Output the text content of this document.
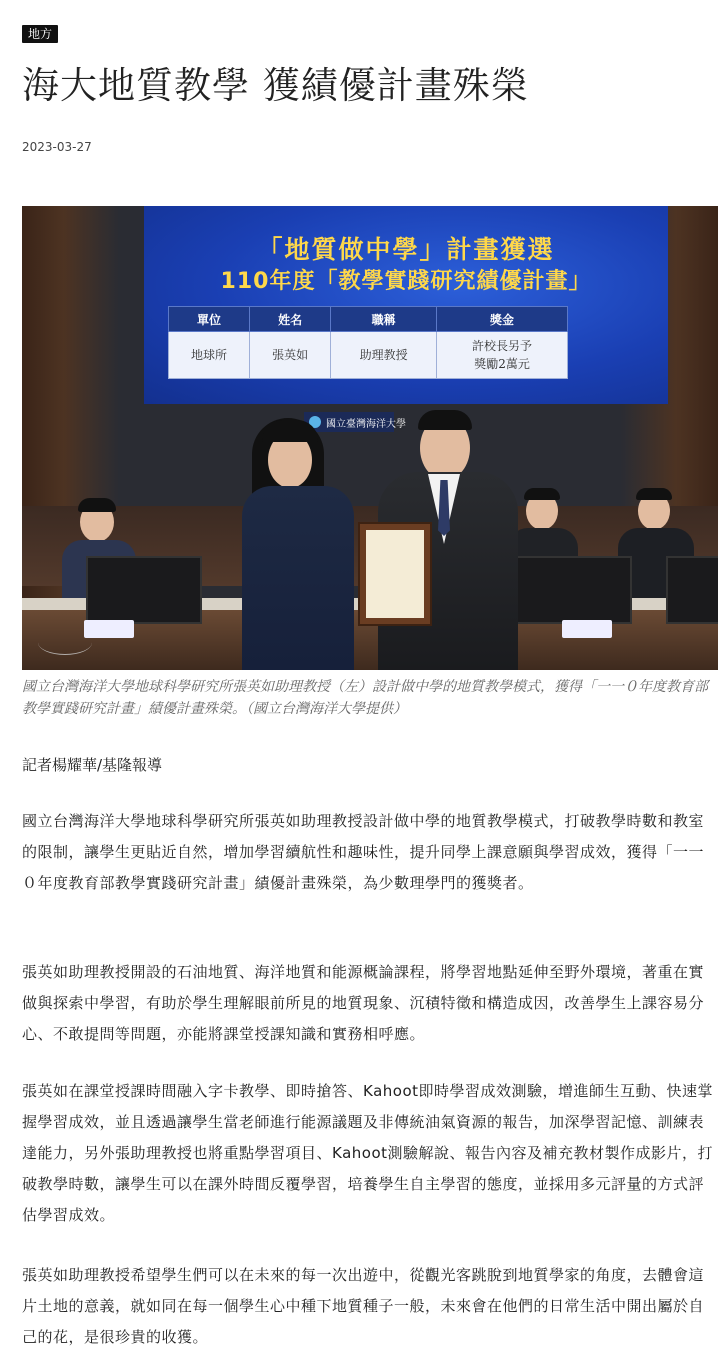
地方
海大地質教學 獲績優計畫殊榮
2023-03-27
「地質做中學」計畫獲選
110年度「教學實踐研究績優計畫」
單位	姓名	職稱	獎金
地球所	張英如	助理教授	許校長另予
獎勵2萬元
國立臺灣海洋大學

國立台灣海洋大學地球科學研究所張英如助理教授（左）設計做中學的地質教學模式，獲得「一一０年度教育部教學實踐研究計畫」績優計畫殊榮。（國立台灣海洋大學提供）

記者楊耀華/基隆報導

國立台灣海洋大學地球科學研究所張英如助理教授設計做中學的地質教學模式，打破教學時數和教室的限制，讓學生更貼近自然，增加學習續航性和趣味性，提升同學上課意願與學習成效，獲得「一一０年度教育部教學實踐研究計畫」績優計畫殊榮，為少數理學門的獲獎者。

張英如助理教授開設的石油地質、海洋地質和能源概論課程，將學習地點延伸至野外環境，著重在實做與探索中學習，有助於學生理解眼前所見的地質現象、沉積特徵和構造成因，改善學生上課容易分心、不敢提問等問題，亦能將課堂授課知識和實務相呼應。

張英如在課堂授課時間融入字卡教學、即時搶答、Kahoot即時學習成效測驗，增進師生互動、快速掌握學習成效，並且透過讓學生當老師進行能源議題及非傳統油氣資源的報告，加深學習記憶、訓練表達能力，另外張助理教授也將重點學習項目、Kahoot測驗解說、報告內容及補充教材製作成影片，打破教學時數，讓學生可以在課外時間反覆學習，培養學生自主學習的態度，並採用多元評量的方式評估學習成效。

張英如助理教授希望學生們可以在未來的每一次出遊中，從觀光客跳脫到地質學家的角度，去體會這片土地的意義，就如同在每一個學生心中種下地質種子一般，未來會在他們的日常生活中開出屬於自己的花，是很珍貴的收獲。
